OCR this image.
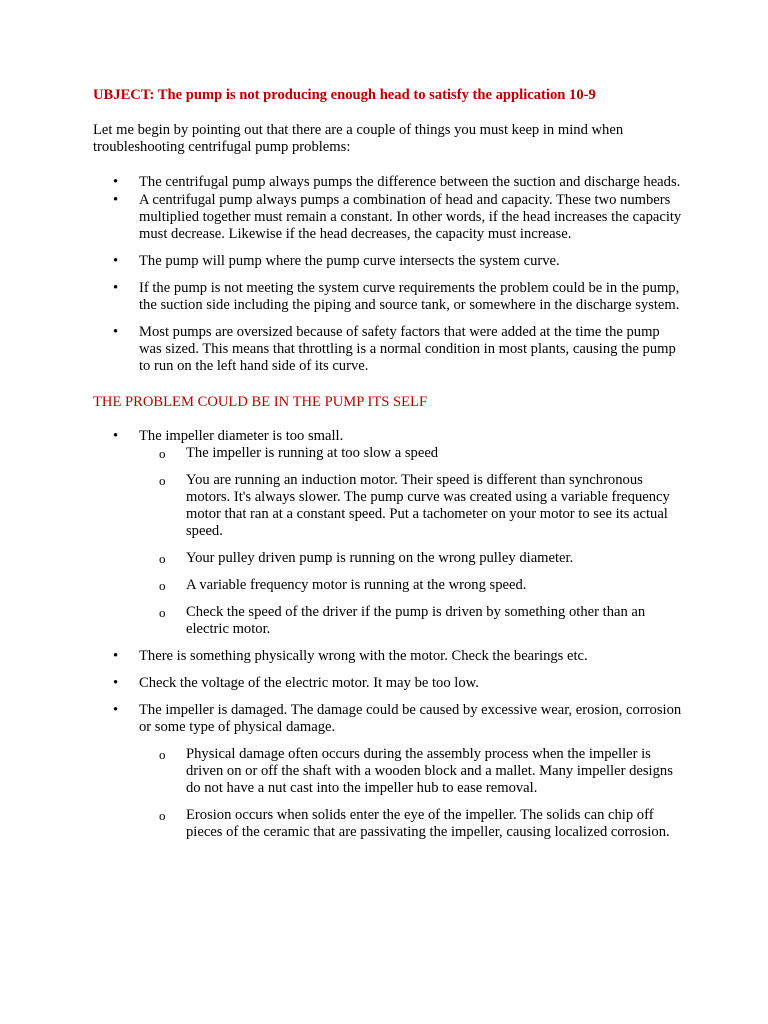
UBJECT: The pump is not producing enough head to satisfy the application 10-9

Let me begin by pointing out that there are a couple of things you must keep in mind when troubleshooting centrifugal pump problems:

• The centrifugal pump always pumps the difference between the suction and discharge heads.
• A centrifugal pump always pumps a combination of head and capacity. These two numbers multiplied together must remain a constant. In other words, if the head increases the capacity must decrease. Likewise if the head decreases, the capacity must increase.
• The pump will pump where the pump curve intersects the system curve.
• If the pump is not meeting the system curve requirements the problem could be in the pump, the suction side including the piping and source tank, or somewhere in the discharge system.
• Most pumps are oversized because of safety factors that were added at the time the pump was sized. This means that throttling is a normal condition in most plants, causing the pump to run on the left hand side of its curve.

THE PROBLEM COULD BE IN THE PUMP ITS SELF

• The impeller diameter is too small.
o The impeller is running at too slow a speed
o You are running an induction motor. Their speed is different than synchronous motors. It's always slower. The pump curve was created using a variable frequency motor that ran at a constant speed. Put a tachometer on your motor to see its actual speed.
o Your pulley driven pump is running on the wrong pulley diameter.
o A variable frequency motor is running at the wrong speed.
o Check the speed of the driver if the pump is driven by something other than an electric motor.
• There is something physically wrong with the motor. Check the bearings etc.
• Check the voltage of the electric motor. It may be too low.
• The impeller is damaged. The damage could be caused by excessive wear, erosion, corrosion or some type of physical damage.
o Physical damage often occurs during the assembly process when the impeller is driven on or off the shaft with a wooden block and a mallet. Many impeller designs do not have a nut cast into the impeller hub to ease removal.
o Erosion occurs when solids enter the eye of the impeller. The solids can chip off pieces of the ceramic that are passivating the impeller, causing localized corrosion.
